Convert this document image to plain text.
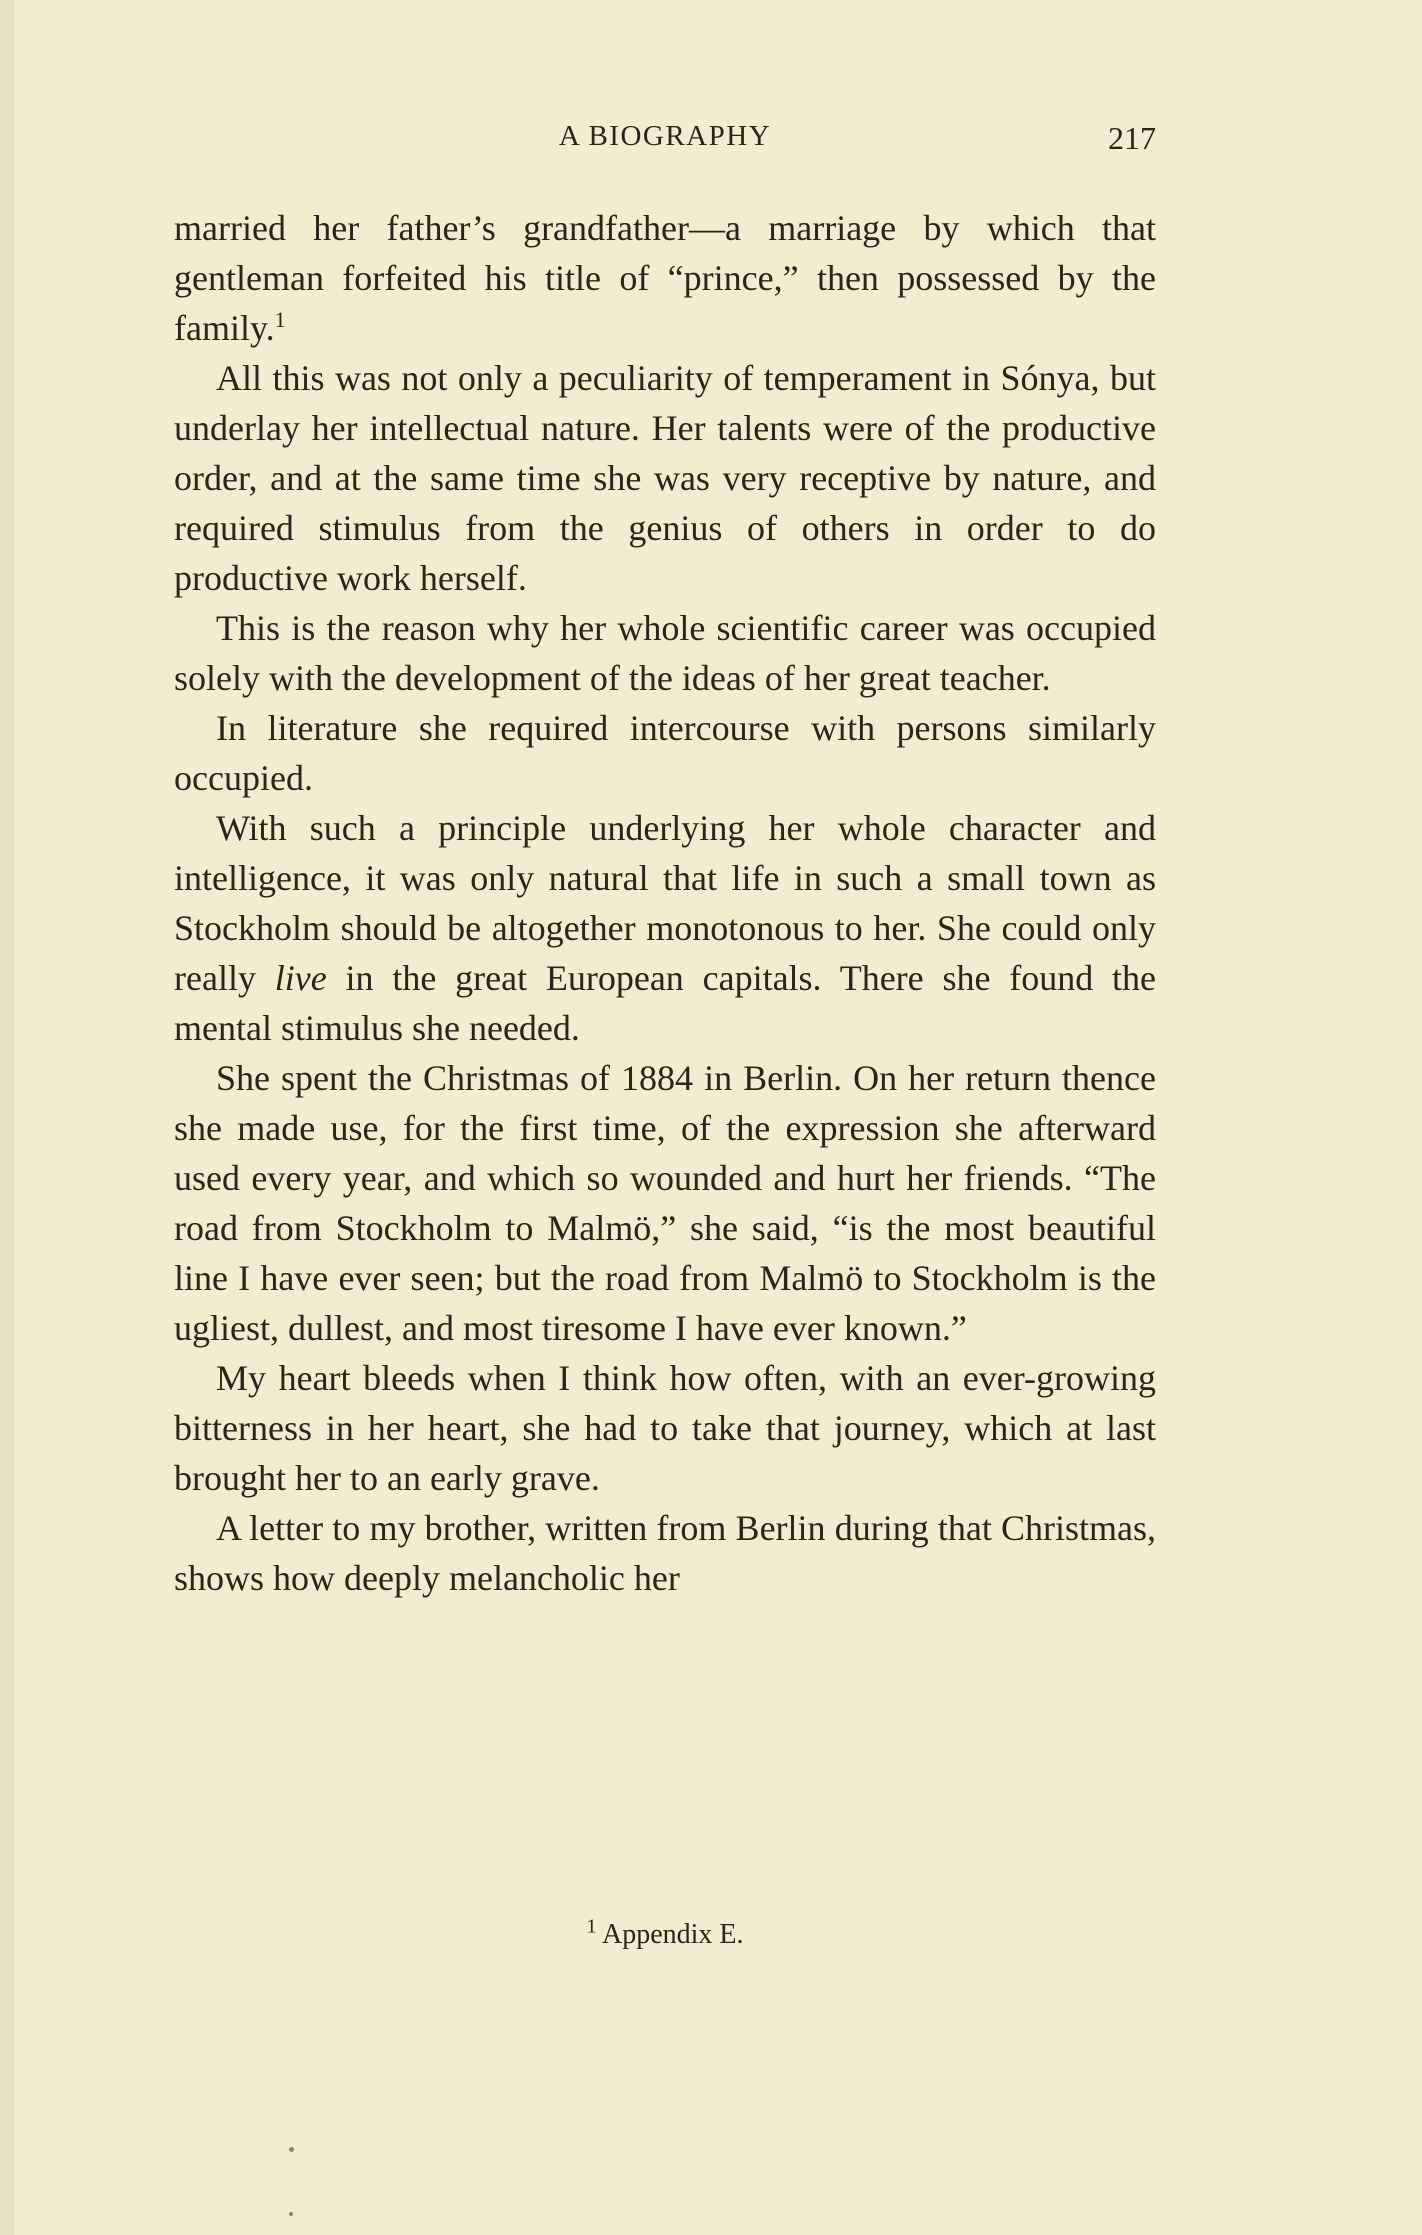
A BIOGRAPHY	217

married her father’s grandfather—a marriage by which that gentleman forfeited his title of “prince,” then possessed by the family.$^1$

All this was not only a peculiarity of temperament in Sónya, but underlay her intellectual nature. Her talents were of the productive order, and at the same time she was very receptive by nature, and required stimulus from the genius of others in order to do productive work herself.

This is the reason why her whole scientific career was occupied solely with the development of the ideas of her great teacher.

In literature she required intercourse with persons similarly occupied.

With such a principle underlying her whole character and intelligence, it was only natural that life in such a small town as Stockholm should be altogether monotonous to her. She could only really live in the great European capitals. There she found the mental stimulus she needed.

She spent the Christmas of 1884 in Berlin. On her return thence she made use, for the first time, of the expression she afterward used every year, and which so wounded and hurt her friends. “The road from Stockholm to Malmö,” she said, “is the most beautiful line I have ever seen; but the road from Malmö to Stockholm is the ugliest, dullest, and most tiresome I have ever known.”

My heart bleeds when I think how often, with an ever-growing bitterness in her heart, she had to take that journey, which at last brought her to an early grave.

A letter to my brother, written from Berlin during that Christmas, shows how deeply melancholic her

$^1$ Appendix E.
